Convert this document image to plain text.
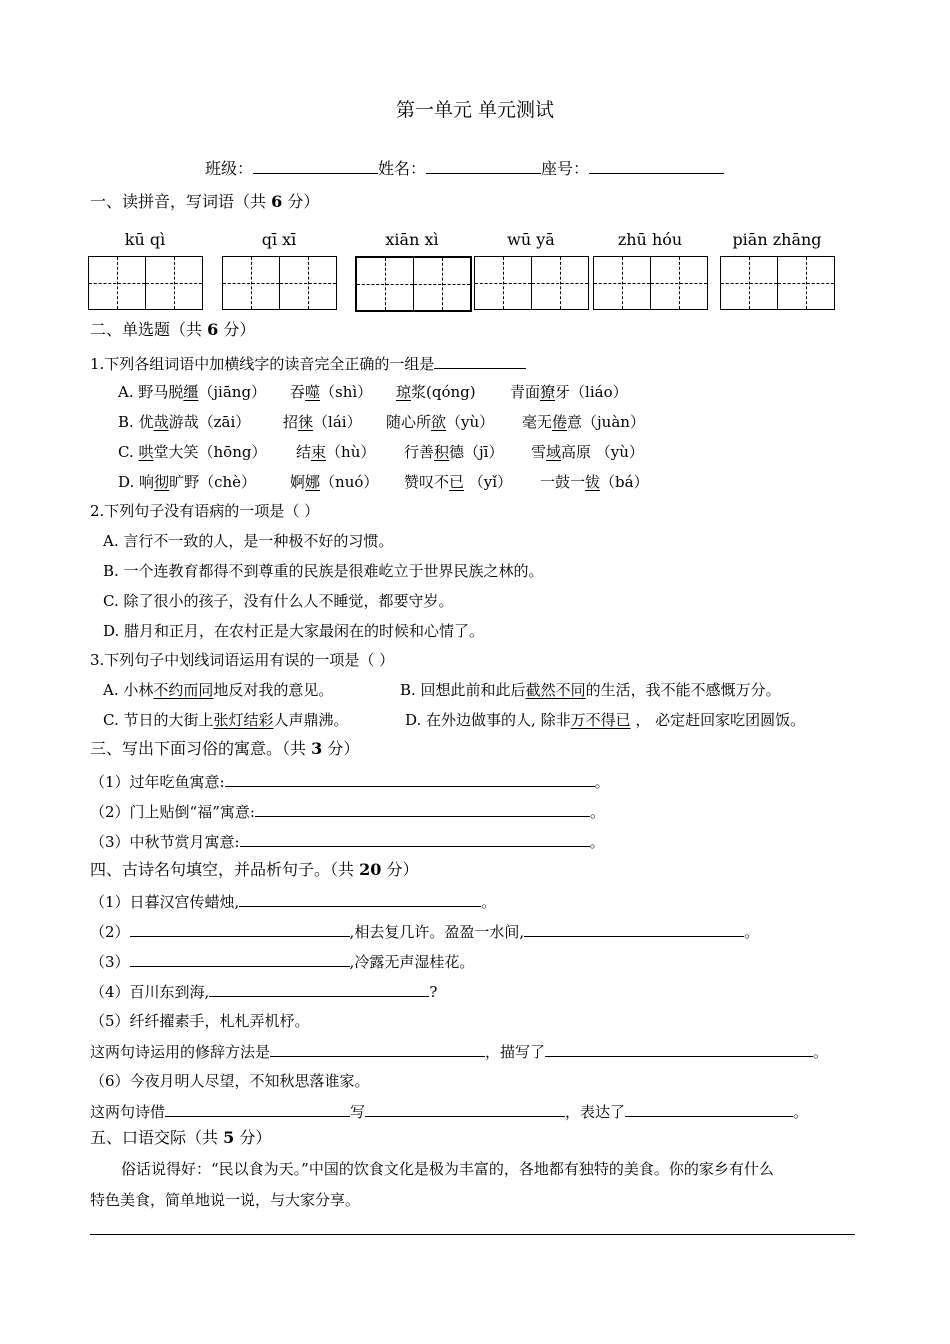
第一单元 单元测试
班级：	姓名：	座号：
一、读拼音，写词语（共 6 分）
kū qì	qī xī	xiān xì	wū yā	zhū hóu	piān zhāng
二、单选题（共 6 分）
1.下列各组词语中加横线字的读音完全正确的一组是
A. 野马脱缰（jiāng） 吞噬（shì） 琼浆(qóng) 青面獠牙（liáo）
B. 优哉游哉（zāi） 招徕（lái） 随心所欲（yù） 毫无倦意（juàn）
C. 哄堂大笑（hōng） 结束（hù） 行善积德（jī） 雪域高原 （yù）
D. 响彻旷野（chè） 婀娜（nuó） 赞叹不已 （yǐ） 一鼓一钹（bá）
2.下列句子没有语病的一项是（ ）
A. 言行不一致的人，是一种极不好的习惯。
B. 一个连教育都得不到尊重的民族是很难屹立于世界民族之林的。
C. 除了很小的孩子，没有什么人不睡觉，都要守岁。
D. 腊月和正月，在农村正是大家最闲在的时候和心情了。
3.下列句子中划线词语运用有误的一项是（ ）
A. 小林不约而同地反对我的意见。	B. 回想此前和此后截然不同的生活，我不能不感慨万分。
C. 节日的大街上张灯结彩人声鼎沸。	D. 在外边做事的人, 除非万不得已 ， 必定赶回家吃团圆饭。
三、写出下面习俗的寓意。（共 3 分）
（1）过年吃鱼寓意:	。
（2）门上贴倒“福”寓意:	。
（3）中秋节赏月寓意:	。
四、古诗名句填空，并品析句子。（共 20 分）
（1）日暮汉宫传蜡烛,	。
（2）	,相去复几许。盈盈一水间,	。
（3）	,冷露无声湿桂花。
（4）百川东到海,	?
（5）纤纤擢素手，札札弄机杼。
这两句诗运用的修辞方法是	，描写了	。
（6）今夜月明人尽望，不知秋思落谁家。
这两句诗借	写	，表达了	。
五、口语交际（共 5 分）
俗话说得好：“民以食为天。”中国的饮食文化是极为丰富的，各地都有独特的美食。你的家乡有什么
特色美食，简单地说一说，与大家分享。
